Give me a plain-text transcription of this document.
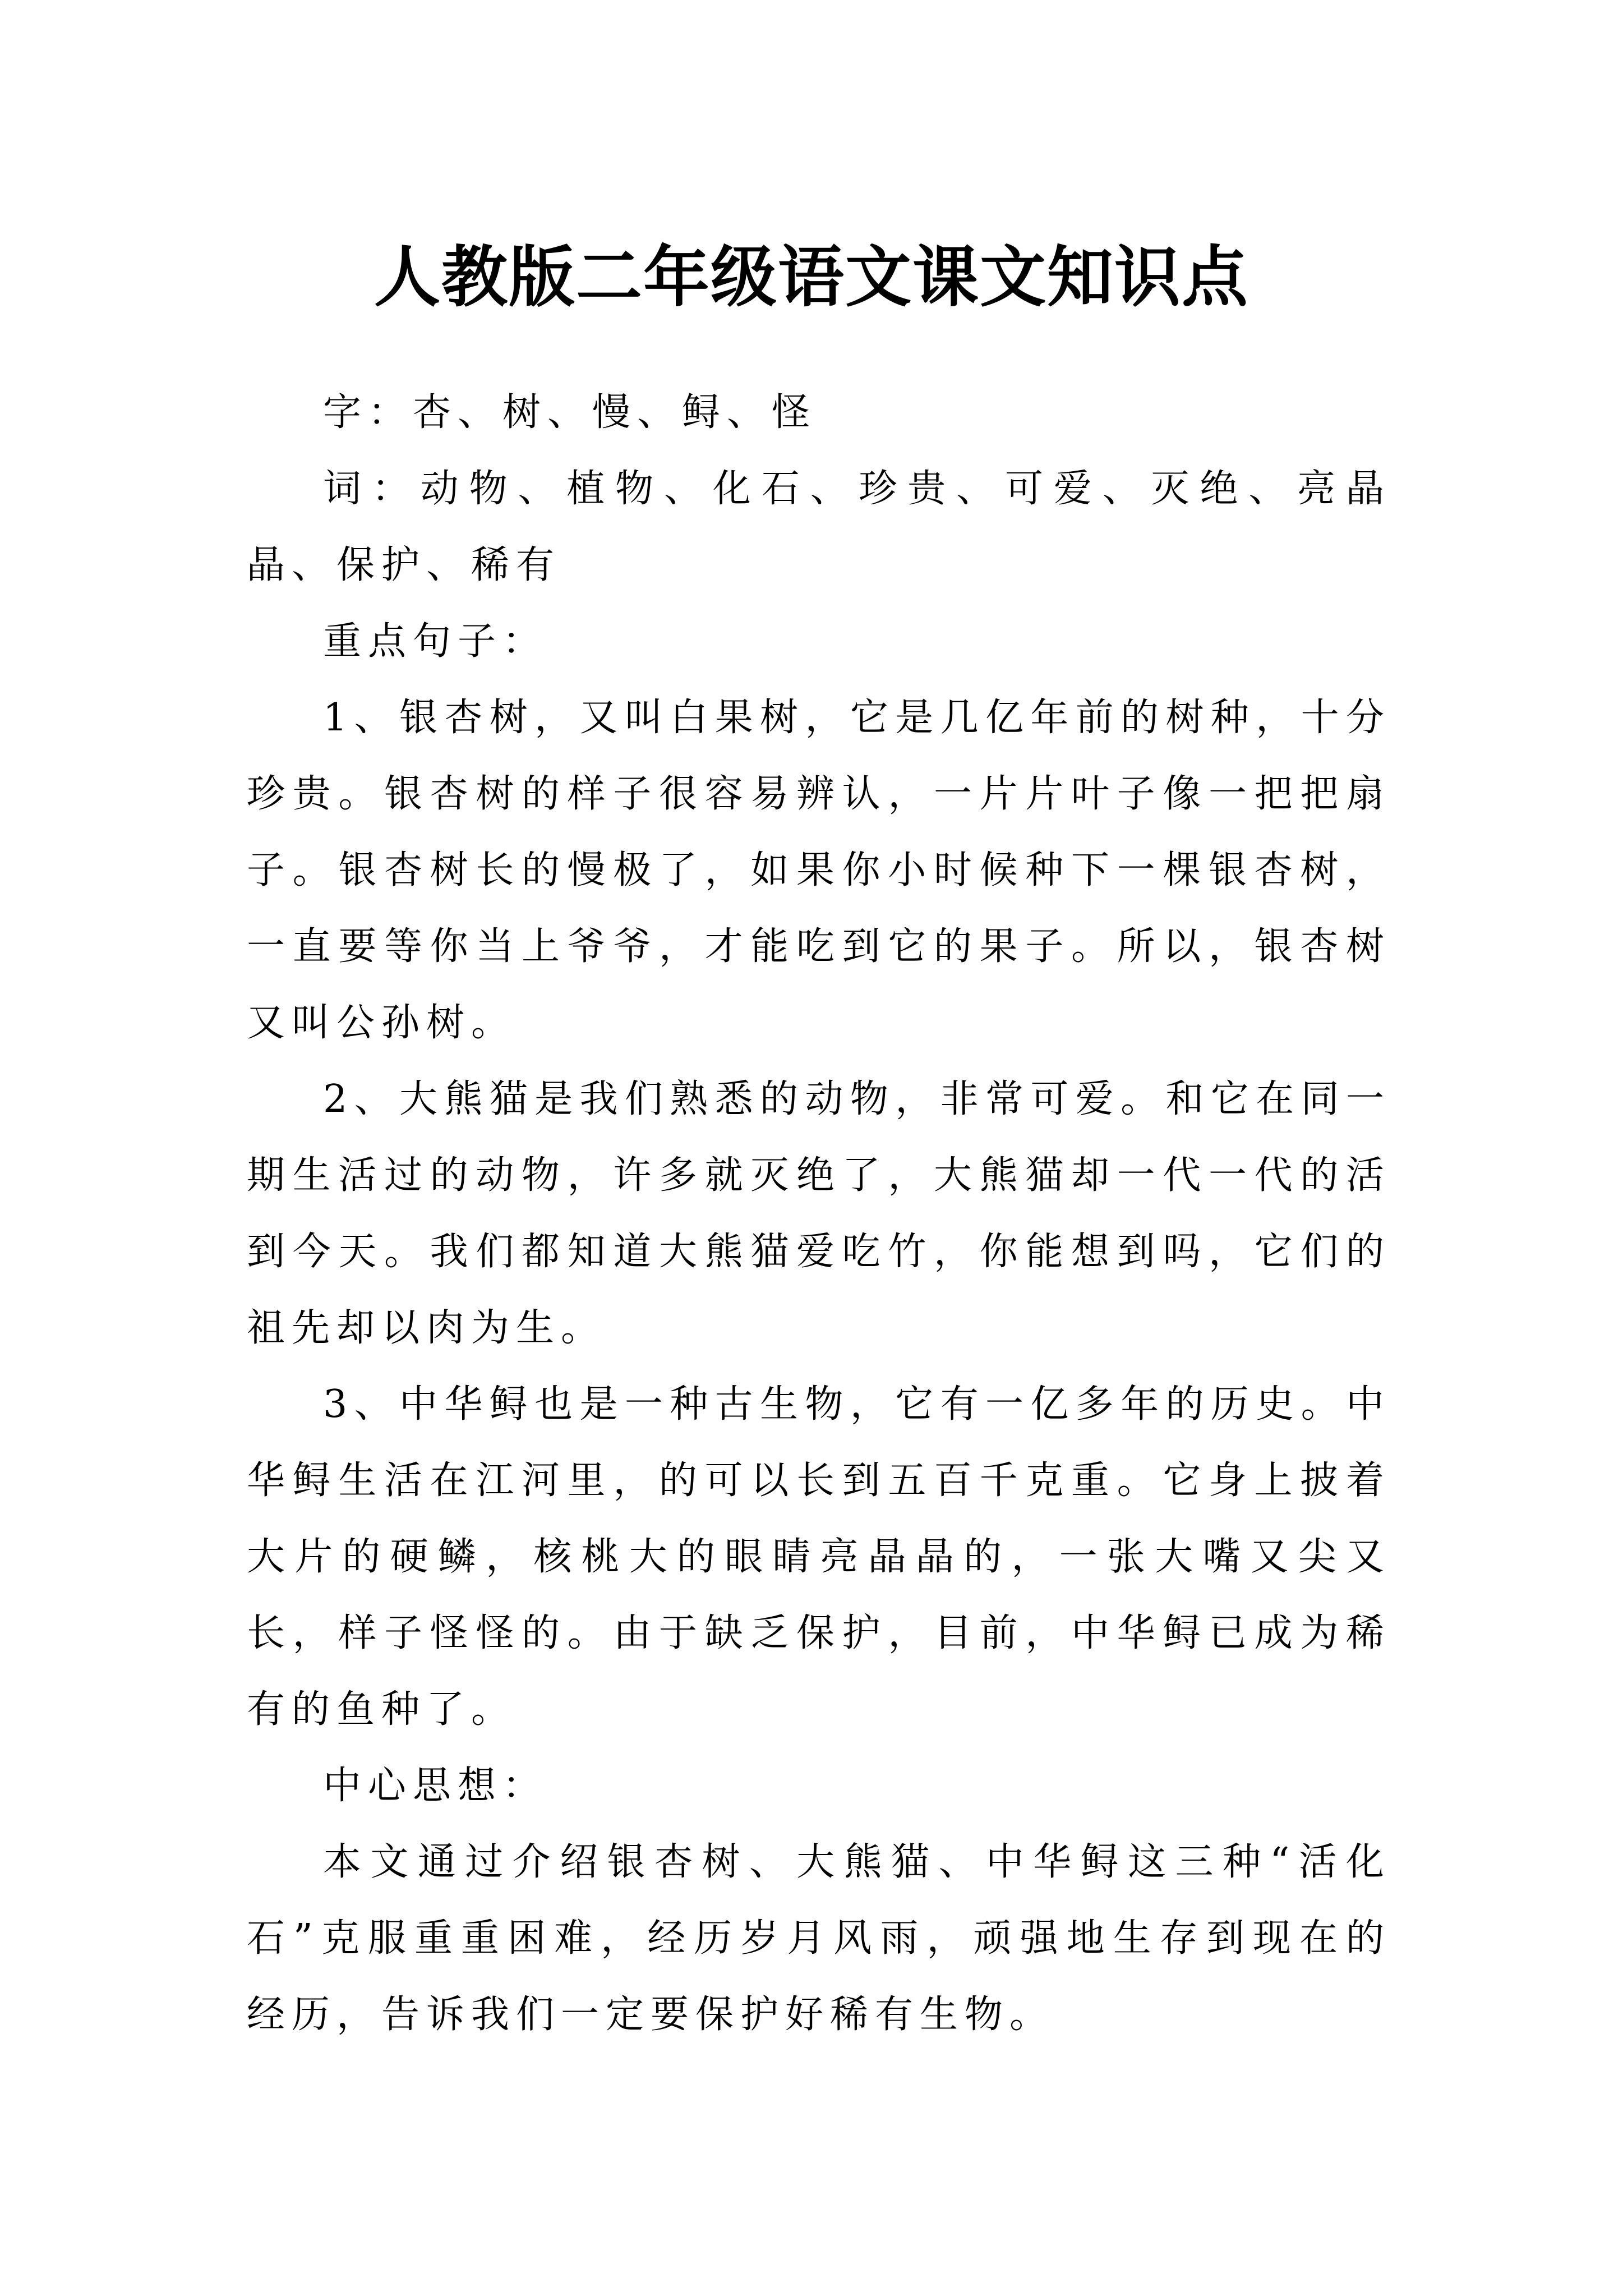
人教版二年级语文课文知识点

字：杏、树、慢、鲟、怪

词：动物、植物、化石、珍贵、可爱、灭绝、亮晶晶、保护、稀有

重点句子：

1、银杏树，又叫白果树，它是几亿年前的树种，十分珍贵。银杏树的样子很容易辨认，一片片叶子像一把把扇子。银杏树长的慢极了，如果你小时候种下一棵银杏树，一直要等你当上爷爷，才能吃到它的果子。所以，银杏树又叫公孙树。

2、大熊猫是我们熟悉的动物，非常可爱。和它在同一期生活过的动物，许多就灭绝了，大熊猫却一代一代的活到今天。我们都知道大熊猫爱吃竹，你能想到吗，它们的祖先却以肉为生。

3、中华鲟也是一种古生物，它有一亿多年的历史。中华鲟生活在江河里，的可以长到五百千克重。它身上披着大片的硬鳞，核桃大的眼睛亮晶晶的，一张大嘴又尖又长，样子怪怪的。由于缺乏保护，目前，中华鲟已成为稀有的鱼种了。

中心思想：

本文通过介绍银杏树、大熊猫、中华鲟这三种“活化石”克服重重困难，经历岁月风雨，顽强地生存到现在的经历，告诉我们一定要保护好稀有生物。
